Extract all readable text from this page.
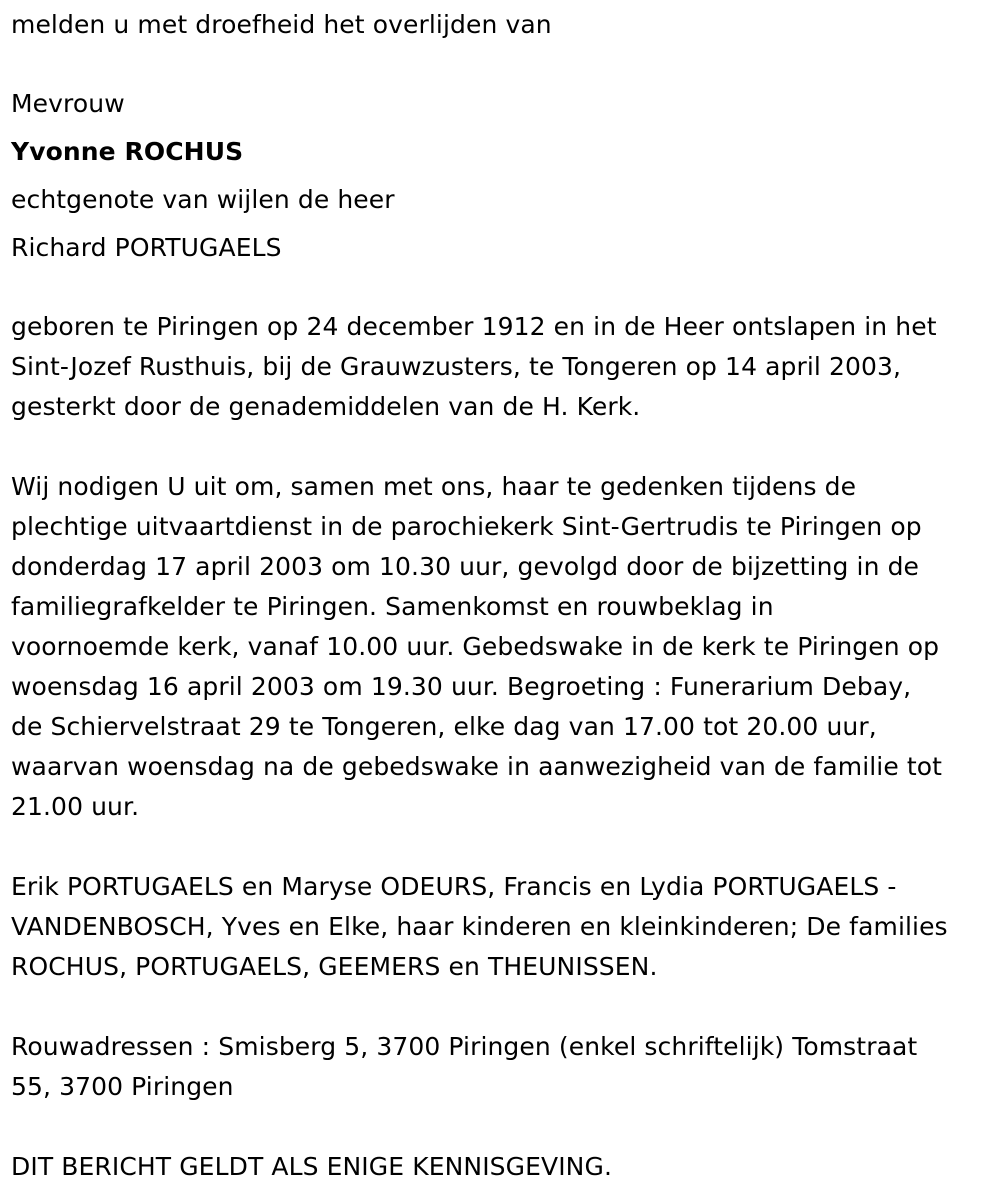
melden u met droefheid het overlijden van
Mevrouw
Yvonne ROCHUS
echtgenote van wijlen de heer
Richard PORTUGAELS
geboren te Piringen op 24 december 1912 en in de Heer ontslapen in het
Sint-Jozef Rusthuis, bij de Grauwzusters, te Tongeren op 14 april 2003,
gesterkt door de genademiddelen van de H. Kerk.
Wij nodigen U uit om, samen met ons, haar te gedenken tijdens de
plechtige uitvaartdienst in de parochiekerk Sint-Gertrudis te Piringen op
donderdag 17 april 2003 om 10.30 uur, gevolgd door de bijzetting in de
familiegrafkelder te Piringen. Samenkomst en rouwbeklag in
voornoemde kerk, vanaf 10.00 uur. Gebedswake in de kerk te Piringen op
woensdag 16 april 2003 om 19.30 uur. Begroeting : Funerarium Debay,
de Schiervelstraat 29 te Tongeren, elke dag van 17.00 tot 20.00 uur,
waarvan woensdag na de gebedswake in aanwezigheid van de familie tot
21.00 uur.
Erik PORTUGAELS en Maryse ODEURS, Francis en Lydia PORTUGAELS -
VANDENBOSCH, Yves en Elke, haar kinderen en kleinkinderen; De families
ROCHUS, PORTUGAELS, GEEMERS en THEUNISSEN.
Rouwadressen : Smisberg 5, 3700 Piringen (enkel schriftelijk) Tomstraat
55, 3700 Piringen
DIT BERICHT GELDT ALS ENIGE KENNISGEVING.
